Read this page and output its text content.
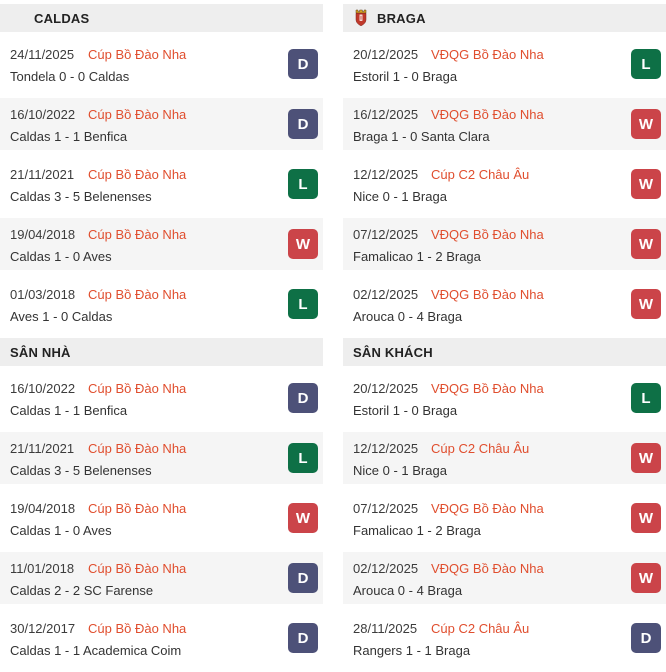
CALDAS
24/11/2025 Cúp Bồ Đào Nha
Tondela 0 - 0 Caldas
D
16/10/2022 Cúp Bồ Đào Nha
Caldas 1 - 1 Benfica
D
21/11/2021 Cúp Bồ Đào Nha
Caldas 3 - 5 Belenenses
L
19/04/2018 Cúp Bồ Đào Nha
Caldas 1 - 0 Aves
W
01/03/2018 Cúp Bồ Đào Nha
Aves 1 - 0 Caldas
L
SÂN NHÀ
16/10/2022 Cúp Bồ Đào Nha
Caldas 1 - 1 Benfica
D
21/11/2021 Cúp Bồ Đào Nha
Caldas 3 - 5 Belenenses
L
19/04/2018 Cúp Bồ Đào Nha
Caldas 1 - 0 Aves
W
11/01/2018 Cúp Bồ Đào Nha
Caldas 2 - 2 SC Farense
D
30/12/2017 Cúp Bồ Đào Nha
Caldas 1 - 1 Academica Coim
D
BRAGA
20/12/2025 VĐQG Bồ Đào Nha
Estoril 1 - 0 Braga
L
16/12/2025 VĐQG Bồ Đào Nha
Braga 1 - 0 Santa Clara
W
12/12/2025 Cúp C2 Châu Âu
Nice 0 - 1 Braga
W
07/12/2025 VĐQG Bồ Đào Nha
Famalicao 1 - 2 Braga
W
02/12/2025 VĐQG Bồ Đào Nha
Arouca 0 - 4 Braga
W
SÂN KHÁCH
20/12/2025 VĐQG Bồ Đào Nha
Estoril 1 - 0 Braga
L
12/12/2025 Cúp C2 Châu Âu
Nice 0 - 1 Braga
W
07/12/2025 VĐQG Bồ Đào Nha
Famalicao 1 - 2 Braga
W
02/12/2025 VĐQG Bồ Đào Nha
Arouca 0 - 4 Braga
W
28/11/2025 Cúp C2 Châu Âu
Rangers 1 - 1 Braga
D
